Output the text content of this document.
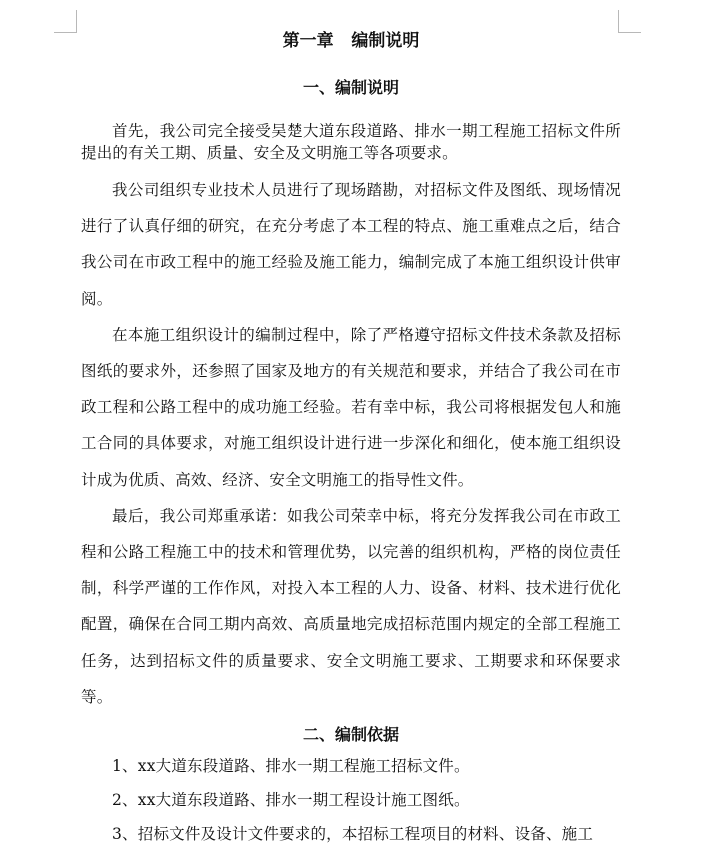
第一章   编制说明
一、编制说明

首先，我公司完全接受吴楚大道东段道路、排水一期工程施工招标文件所提出的有关工期、质量、安全及文明施工等各项要求。

我公司组织专业技术人员进行了现场踏勘，对招标文件及图纸、现场情况进行了认真仔细的研究，在充分考虑了本工程的特点、施工重难点之后，结合我公司在市政工程中的施工经验及施工能力，编制完成了本施工组织设计供审阅。

在本施工组织设计的编制过程中，除了严格遵守招标文件技术条款及招标图纸的要求外，还参照了国家及地方的有关规范和要求，并结合了我公司在市政工程和公路工程中的成功施工经验。若有幸中标，我公司将根据发包人和施工合同的具体要求，对施工组织设计进行进一步深化和细化，使本施工组织设计成为优质、高效、经济、安全文明施工的指导性文件。

最后，我公司郑重承诺：如我公司荣幸中标，将充分发挥我公司在市政工程和公路工程施工中的技术和管理优势，以完善的组织机构，严格的岗位责任制，科学严谨的工作作风，对投入本工程的人力、设备、材料、技术进行优化配置，确保在合同工期内高效、高质量地完成招标范围内规定的全部工程施工任务，达到招标文件的质量要求、安全文明施工要求、工期要求和环保要求等。

二、编制依据

1、xx大道东段道路、排水一期工程施工招标文件。

2、xx大道东段道路、排水一期工程设计施工图纸。

3、招标文件及设计文件要求的，本招标工程项目的材料、设备、施工
